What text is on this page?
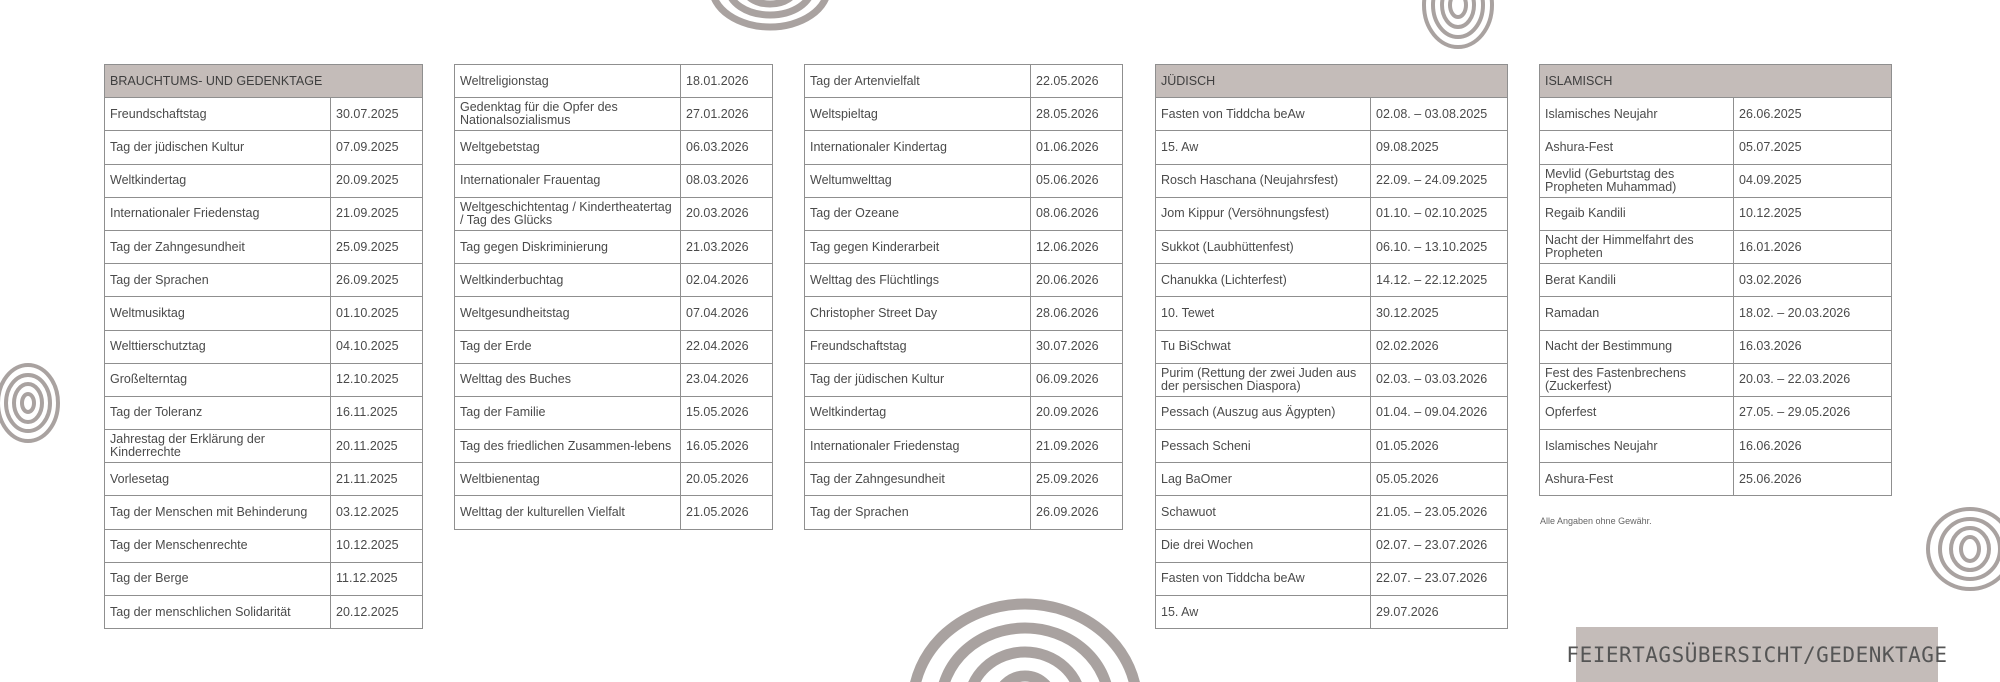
BRAUCHTUMS- UND GEDENKTAGE	
Freundschaftstag	30.07.2025
Tag der jüdischen Kultur	07.09.2025
Weltkindertag	20.09.2025
Internationaler Friedenstag	21.09.2025
Tag der Zahngesundheit	25.09.2025
Tag der Sprachen	26.09.2025
Weltmusiktag	01.10.2025
Welttierschutztag	04.10.2025
Großelterntag	12.10.2025
Tag der Toleranz	16.11.2025
Jahrestag der Erklärung der Kinderrechte	20.11.2025
Vorlesetag	21.11.2025
Tag der Menschen mit Behinderung	03.12.2025
Tag der Menschenrechte	10.12.2025
Tag der Berge	11.12.2025
Tag der menschlichen Solidarität	20.12.2025
Weltreligionstag	18.01.2026
Gedenktag für die Opfer des Nationalsozialismus	27.01.2026
Weltgebetstag	06.03.2026
Internationaler Frauentag	08.03.2026
Weltgeschichtentag / Kindertheatertag / Tag des Glücks	20.03.2026
Tag gegen Diskriminierung	21.03.2026
Weltkinderbuchtag	02.04.2026
Weltgesundheitstag	07.04.2026
Tag der Erde	22.04.2026
Welttag des Buches	23.04.2026
Tag der Familie	15.05.2026
Tag des friedlichen Zusammen-lebens	16.05.2026
Weltbienentag	20.05.2026
Welttag der kulturellen Vielfalt	21.05.2026
Tag der Artenvielfalt	22.05.2026
Weltspieltag	28.05.2026
Internationaler Kindertag	01.06.2026
Weltumwelttag	05.06.2026
Tag der Ozeane	08.06.2026
Tag gegen Kinderarbeit	12.06.2026
Welttag des Flüchtlings	20.06.2026
Christopher Street Day	28.06.2026
Freundschaftstag	30.07.2026
Tag der jüdischen Kultur	06.09.2026
Weltkindertag	20.09.2026
Internationaler Friedenstag	21.09.2026
Tag der Zahngesundheit	25.09.2026
Tag der Sprachen	26.09.2026
JÜDISCH	
Fasten von Tiddcha beAw	02.08. – 03.08.2025
15. Aw	09.08.2025
Rosch Haschana (Neujahrsfest)	22.09. – 24.09.2025
Jom Kippur (Versöhnungsfest)	01.10. – 02.10.2025
Sukkot (Laubhüttenfest)	06.10. – 13.10.2025
Chanukka (Lichterfest)	14.12. – 22.12.2025
10. Tewet	30.12.2025
Tu BiSchwat	02.02.2026
Purim (Rettung der zwei Juden aus der persischen Diaspora)	02.03. – 03.03.2026
Pessach (Auszug aus Ägypten)	01.04. – 09.04.2026
Pessach Scheni	01.05.2026
Lag BaOmer	05.05.2026
Schawuot	21.05. – 23.05.2026
Die drei Wochen	02.07. – 23.07.2026
Fasten von Tiddcha beAw	22.07. – 23.07.2026
15. Aw	29.07.2026
ISLAMISCH	
Islamisches Neujahr	26.06.2025
Ashura-Fest	05.07.2025
Mevlid (Geburtstag des Propheten Muhammad)	04.09.2025
Regaib Kandili	10.12.2025
Nacht der Himmelfahrt des Propheten	16.01.2026
Berat Kandili	03.02.2026
Ramadan	18.02. – 20.03.2026
Nacht der Bestimmung	16.03.2026
Fest des Fastenbrechens (Zuckerfest)	20.03. – 22.03.2026
Opferfest	27.05. – 29.05.2026
Islamisches Neujahr	16.06.2026
Ashura-Fest	25.06.2026
Alle Angaben ohne Gewähr.
FEIERTAGSÜBERSICHT/GEDENKTAGE
